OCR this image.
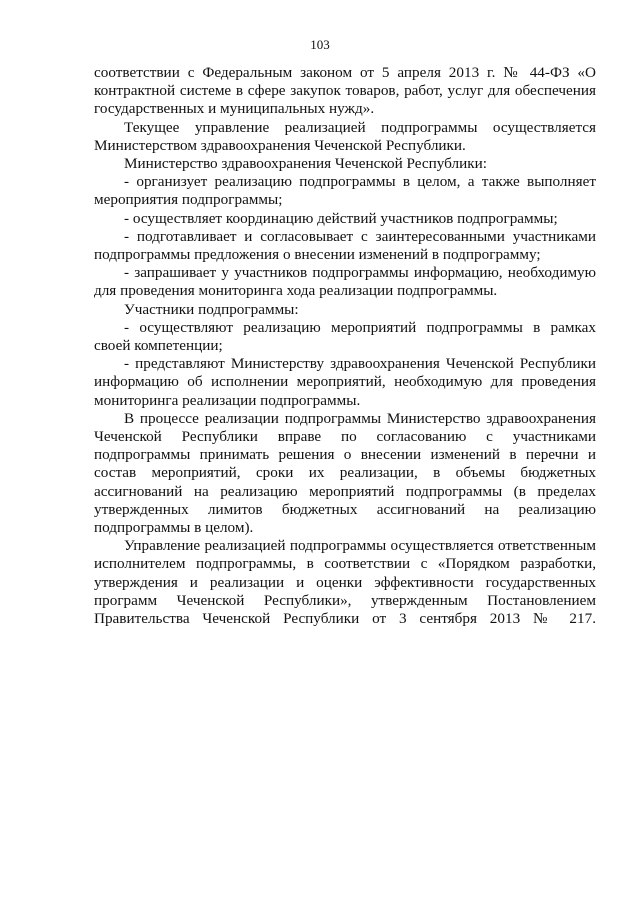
103

соответствии с Федеральным законом от 5 апреля 2013 г. № 44-ФЗ «О контрактной системе в сфере закупок товаров, работ, услуг для обеспечения государственных и муниципальных нужд».

Текущее управление реализацией подпрограммы осуществляется Министерством здравоохранения Чеченской Республики.

Министерство здравоохранения Чеченской Республики:

- организует реализацию подпрограммы в целом, а также выполняет мероприятия подпрограммы;

- осуществляет координацию действий участников подпрограммы;

- подготавливает и согласовывает с заинтересованными участниками подпрограммы предложения о внесении изменений в подпрограмму;

- запрашивает у участников подпрограммы информацию, необходимую для проведения мониторинга хода реализации подпрограммы.

Участники подпрограммы:

- осуществляют реализацию мероприятий подпрограммы в рамках своей компетенции;

- представляют Министерству здравоохранения Чеченской Республики информацию об исполнении мероприятий, необходимую для проведения мониторинга реализации подпрограммы.

В процессе реализации подпрограммы Министерство здравоохранения Чеченской Республики вправе по согласованию с участниками подпрограммы принимать решения о внесении изменений в перечни и состав мероприятий, сроки их реализации, в объемы бюджетных ассигнований на реализацию мероприятий подпрограммы (в пределах утвержденных лимитов бюджетных ассигнований на реализацию подпрограммы в целом).

Управление реализацией подпрограммы осуществляется ответственным исполнителем подпрограммы, в соответствии с «Порядком разработки, утверждения и реализации и оценки эффективности государственных программ Чеченской Республики», утвержденным Постановлением Правительства Чеченской Республики от 3 сентября 2013 № 217.
